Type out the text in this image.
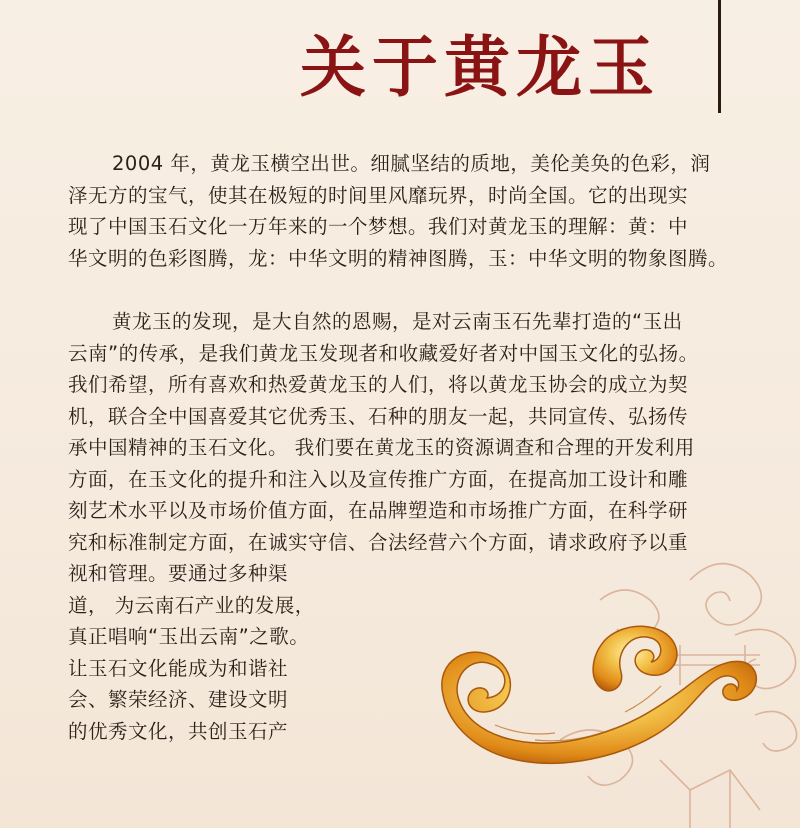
关于黄龙玉
2004 年，黄龙玉横空出世。细腻坚结的质地，美伦美奂的色彩，润
泽无方的宝气，使其在极短的时间里风靡玩界，时尚全国。它的出现实
现了中国玉石文化一万年来的一个梦想。我们对黄龙玉的理解：黄：中
华文明的色彩图腾，龙：中华文明的精神图腾，玉：中华文明的物象图腾。
黄龙玉的发现，是大自然的恩赐，是对云南玉石先辈打造的“玉出
云南”的传承，是我们黄龙玉发现者和收藏爱好者对中国玉文化的弘扬。
我们希望，所有喜欢和热爱黄龙玉的人们，将以黄龙玉协会的成立为契
机，联合全中国喜爱其它优秀玉、石种的朋友一起，共同宣传、弘扬传
承中国精神的玉石文化。 我们要在黄龙玉的资源调查和合理的开发利用
方面，在玉文化的提升和注入以及宣传推广方面，在提高加工设计和雕
刻艺术水平以及市场价值方面，在品牌塑造和市场推广方面，在科学研
究和标准制定方面，在诚实守信、合法经营六个方面，请求政府予以重
视和管理。要通过多种渠
道， 为云南石产业的发展，
真正唱响“玉出云南”之歌。
让玉石文化能成为和谐社
会、繁荣经济、建设文明
的优秀文化，共创玉石产
